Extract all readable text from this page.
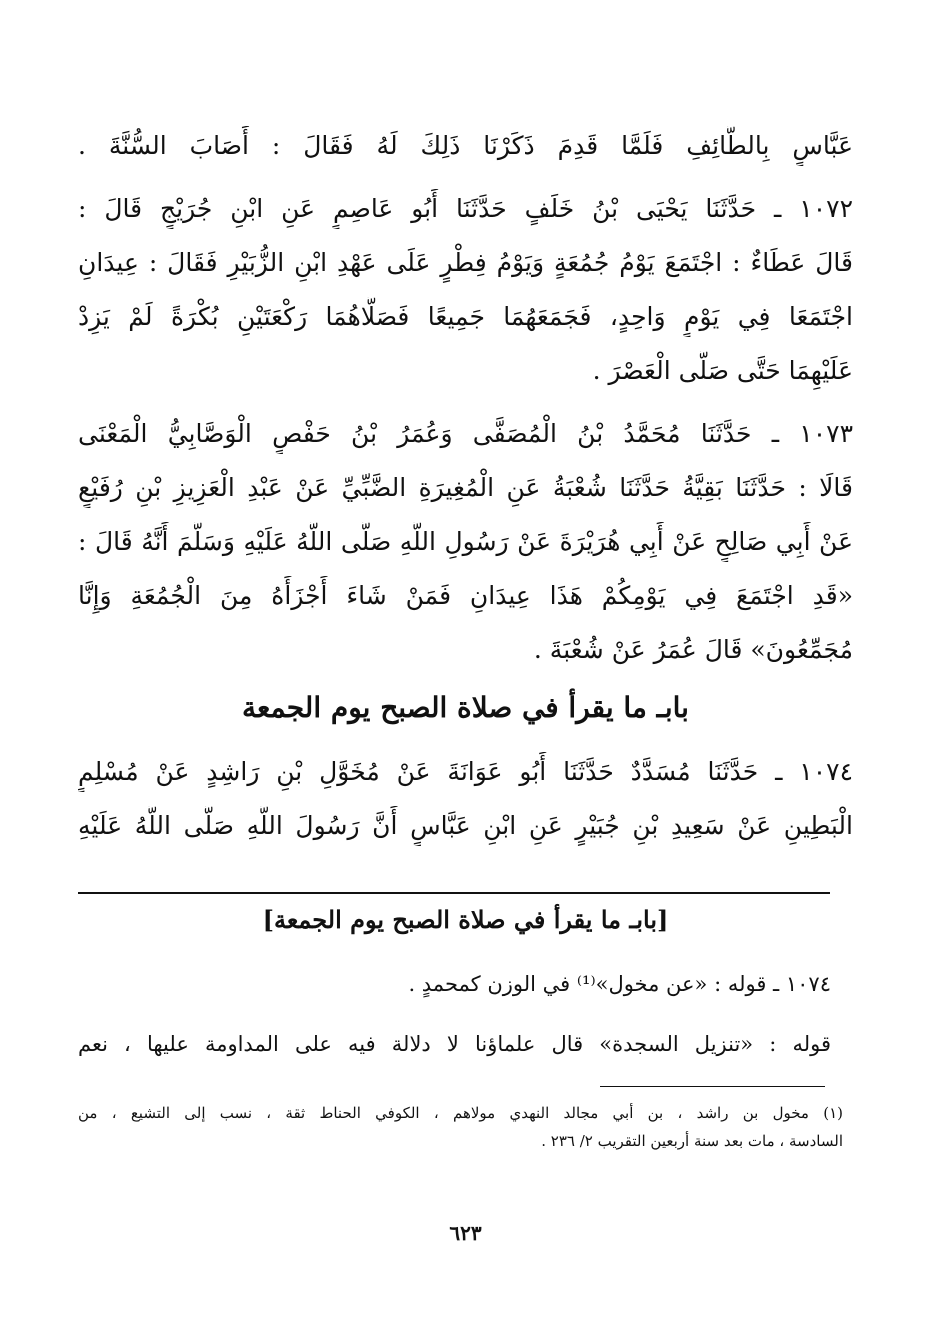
عَبَّاسٍ بِالطَّائِفِ فَلَمَّا قَدِمَ ذَكَرْنَا ذَلِكَ لَهُ فَقَالَ : أَصَابَ السُّنَّةَ .
١٠٧٢ ـ حَدَّثَنَا يَحْيَى بْنُ خَلَفٍ حَدَّثَنَا أَبُو عَاصِمٍ عَنِ ابْنِ جُرَيْجٍ قَالَ :
قَالَ عَطَاءٌ : اجْتَمَعَ يَوْمُ جُمُعَةٍ وَيَوْمُ فِطْرٍ عَلَى عَهْدِ ابْنِ الزُّبَيْرِ فَقَالَ : عِيدَانِ
اجْتَمَعَا فِي يَوْمٍ وَاحِدٍ، فَجَمَعَهُمَا جَمِيعًا فَصَلَّاهُمَا رَكْعَتَيْنِ بُكْرَةً لَمْ يَزِدْ
عَلَيْهِمَا حَتَّى صَلَّى الْعَصْرَ .
١٠٧٣ ـ حَدَّثَنَا مُحَمَّدُ بْنُ الْمُصَفَّى وَعُمَرُ بْنُ حَفْصٍ الْوَصَّابِيُّ الْمَعْنَى
قَالَا : حَدَّثَنَا بَقِيَّةُ حَدَّثَنَا شُعْبَةُ عَنِ الْمُغِيرَةِ الضَّبِّيِّ عَنْ عَبْدِ الْعَزِيزِ بْنِ رُفَيْعٍ
عَنْ أَبِي صَالِحٍ عَنْ أَبِي هُرَيْرَةَ عَنْ رَسُولِ اللَّهِ صَلَّى اللَّهُ عَلَيْهِ وَسَلَّمَ أَنَّهُ قَالَ :
«قَدِ اجْتَمَعَ فِي يَوْمِكُمْ هَذَا عِيدَانِ فَمَنْ شَاءَ أَجْزَأَهُ مِنَ الْجُمُعَةِ وَإِنَّا
مُجَمِّعُونَ» قَالَ عُمَرُ عَنْ شُعْبَةَ .
بابـ ما يقرأ في صلاة الصبح يوم الجمعة
١٠٧٤ ـ حَدَّثَنَا مُسَدَّدٌ حَدَّثَنَا أَبُو عَوَانَةَ عَنْ مُخَوَّلِ بْنِ رَاشِدٍ عَنْ مُسْلِمٍ
الْبَطِينِ عَنْ سَعِيدِ بْنِ جُبَيْرٍ عَنِ ابْنِ عَبَّاسٍ أَنَّ رَسُولَ اللَّهِ صَلَّى اللَّهُ عَلَيْهِ
[بابـ ما يقرأ في صلاة الصبح يوم الجمعة]
١٠٧٤ ـ قوله : «عن مخول»⁽¹⁾ في الوزن كمحمدٍ .
قوله : «تنزيل السجدة» قال علماؤنا لا دلالة فيه على المداومة عليها ، نعم
(١) مخول بن راشد ، بن أبي مجالد النهدي مولاهم ، الكوفي الحناط ثقة ، نسب إلى التشيع ، من
السادسة ، مات بعد سنة أربعين التقريب ٢/ ٢٣٦ .
٦٢٣
